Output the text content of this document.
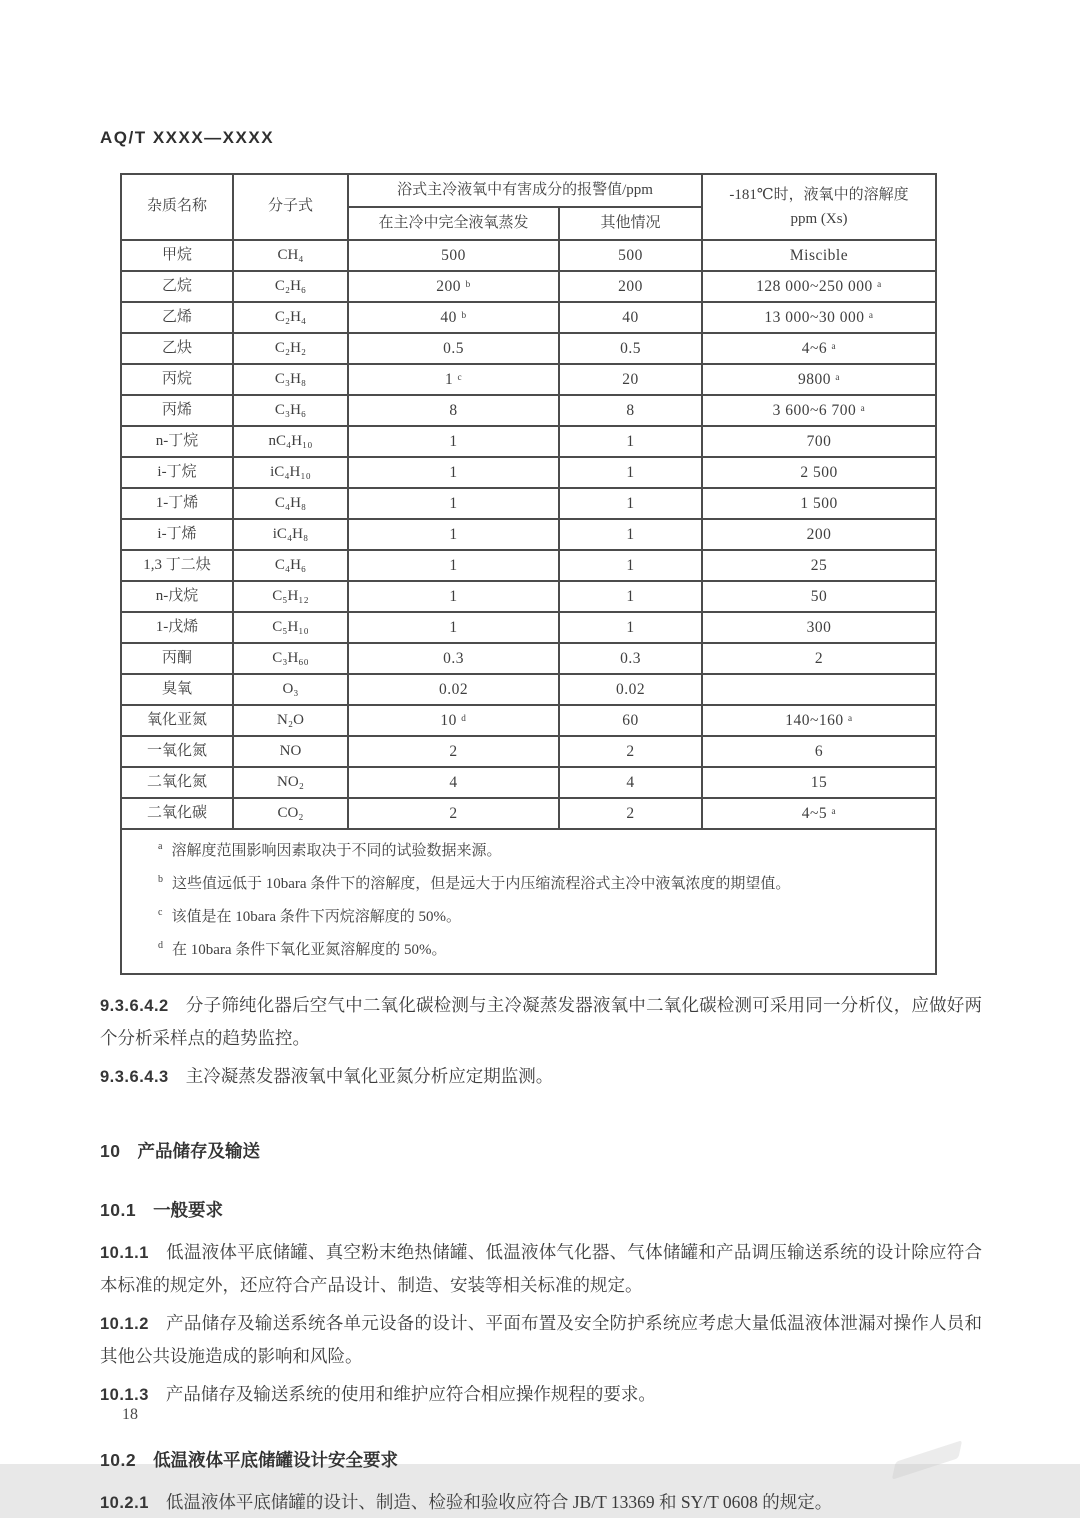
AQ/T XXXX—XXXX
杂质名称	分子式	浴式主冷液氧中有害成分的报警值/ppm		-181℃时，液氧中的溶解度
ppm (Xs)
		在主冷中完全液氧蒸发	其他情况	
甲烷	CH₄	500	500	Miscible
乙烷	C₂H₆	200 ᵇ	200	128 000~250 000 ᵃ
乙烯	C₂H₄	40 ᵇ	40	13 000~30 000 ᵃ
乙炔	C₂H₂	0.5	0.5	4~6 ᵃ
丙烷	C₃H₈	1 ᶜ	20	9800 ᵃ
丙烯	C₃H₆	8	8	3 600~6 700 ᵃ
n-丁烷	nC₄H₁₀	1	1	700
i-丁烷	iC₄H₁₀	1	1	2 500
1-丁烯	C₄H₈	1	1	1 500
i-丁烯	iC₄H₈	1	1	200
1,3 丁二炔	C₄H₆	1	1	25
n-戊烷	C₅H₁₂	1	1	50
1-戊烯	C₅H₁₀	1	1	300
丙酮	C₃H₆₀	0.3	0.3	2
臭氧	O₃	0.02	0.02	
氧化亚氮	N₂O	10 ᵈ	60	140~160 ᵃ
一氧化氮	NO	2	2	6
二氧化氮	NO₂	4	4	15
二氧化碳	CO₂	2	2	4~5 ᵃ

$^a$ 溶解度范围影响因素取决于不同的试验数据来源。
$^b$ 这些值远低于 10bara 条件下的溶解度，但是远大于内压缩流程浴式主冷中液氧浓度的期望值。
$^c$ 该值是在 10bara 条件下丙烷溶解度的 50%。
$^d$ 在 10bara 条件下氧化亚氮溶解度的 50%。				
9.3.6.4.2 分子筛纯化器后空气中二氧化碳检测与主冷凝蒸发器液氧中二氧化碳检测可采用同一分析仪，应做好两个分析采样点的趋势监控。
9.3.6.4.3 主冷凝蒸发器液氧中氧化亚氮分析应定期监测。
10 产品储存及输送
10.1 一般要求
10.1.1 低温液体平底储罐、真空粉末绝热储罐、低温液体气化器、气体储罐和产品调压输送系统的设计除应符合本标准的规定外，还应符合产品设计、制造、安装等相关标准的规定。
10.1.2 产品储存及输送系统各单元设备的设计、平面布置及安全防护系统应考虑大量低温液体泄漏对操作人员和其他公共设施造成的影响和风险。
10.1.3 产品储存及输送系统的使用和维护应符合相应操作规程的要求。
10.2 低温液体平底储罐设计安全要求
10.2.1 低温液体平底储罐的设计、制造、检验和验收应符合 JB/T 13369 和 SY/T 0608 的规定。
18
